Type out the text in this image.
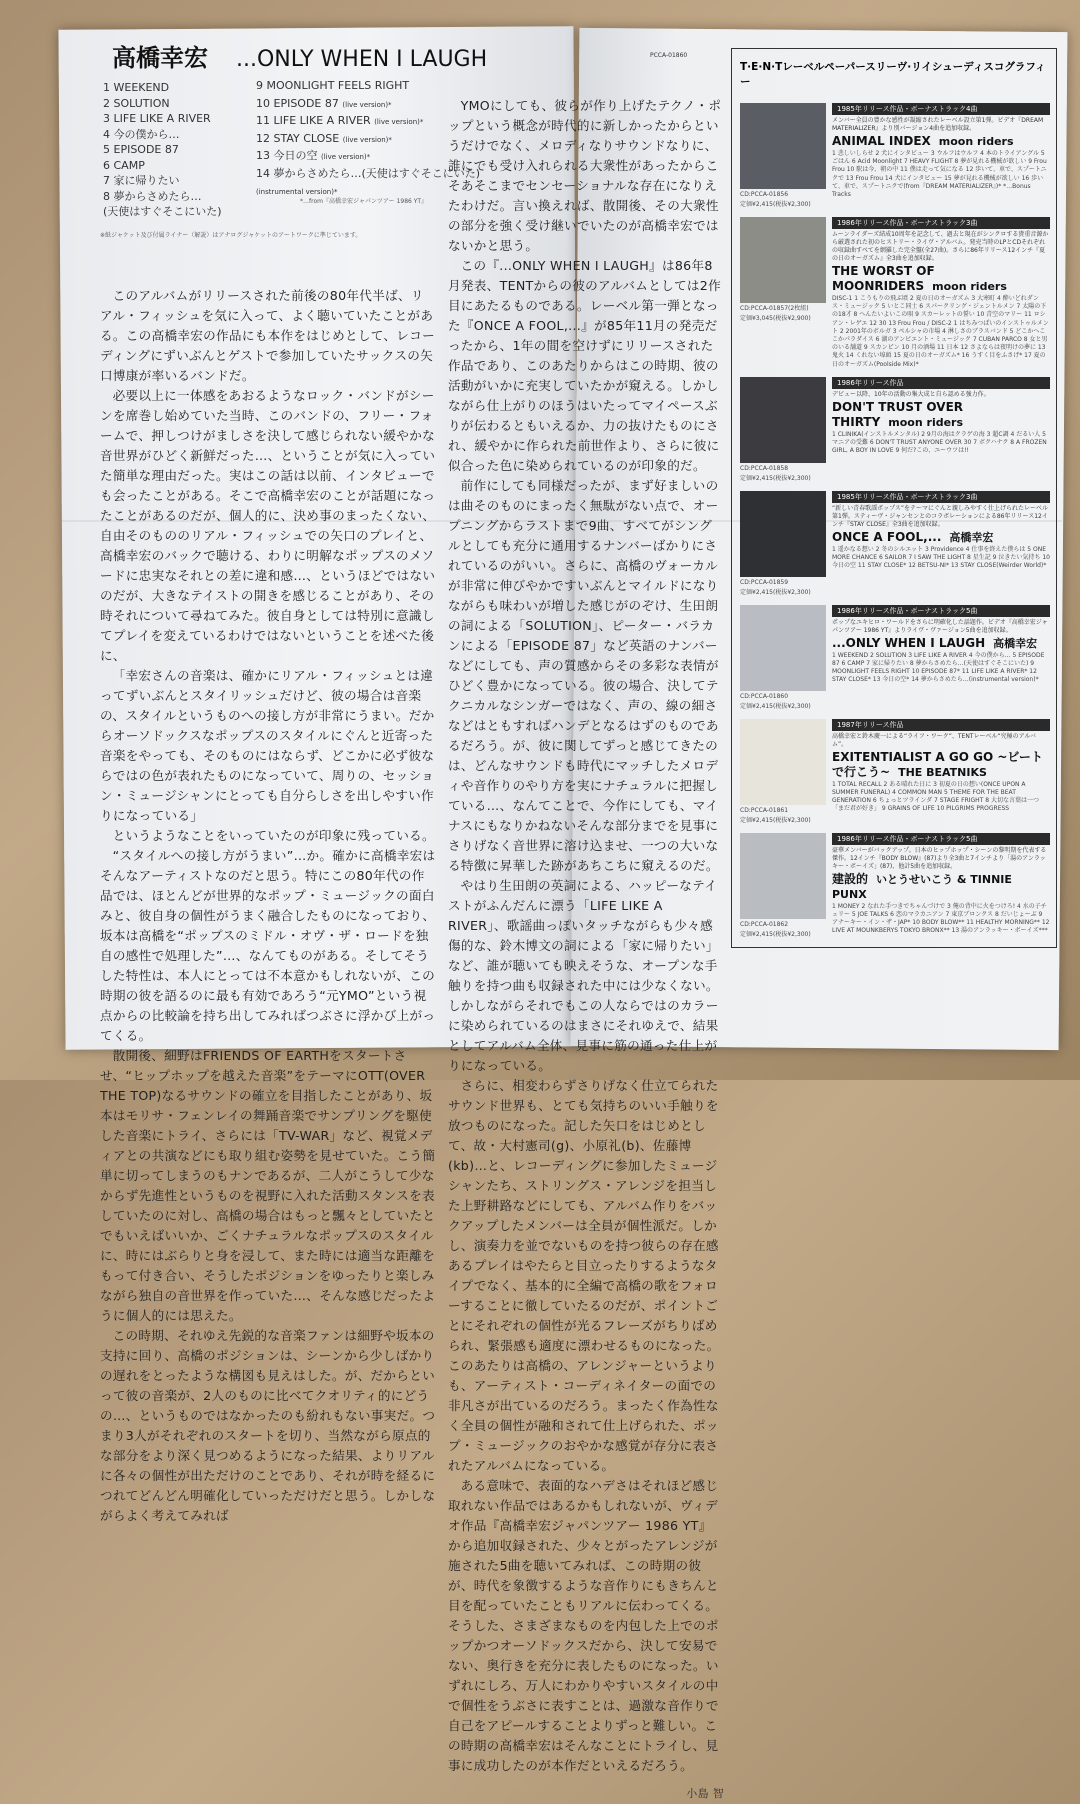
高橋幸宏 ...ONLY WHEN I LAUGH	PCCA-01860
1 WEEKEND
2 SOLUTION
3 LIFE LIKE A RIVER
4 今の僕から…
5 EPISODE 87
6 CAMP
7 家に帰りたい
8 夢からさめたら…
(天使はすぐそこにいた)
9 MOONLIGHT FEELS RIGHT
10 EPISODE 87 (live version)*
11 LIFE LIKE A RIVER (live version)*
12 STAY CLOSE (live version)*
13 今日の空 (live version)*
14 夢からさめたら…(天使はすぐそこにいた)
(instrumental version)*
*…from『高橋幸宏ジャパンツアー 1986 YT』
※紙ジャケット及び付属ライナー（解説）はアナログジャケットのアートワークに準じています。

このアルバムがリリースされた前後の80年代半ば、リアル・フィッシュを気に入って、よく聴いていたことがある。この高橋幸宏の作品にも本作をはじめとして、レコーディングにずいぶんとゲストで参加していたサックスの矢口博康が率いるバンドだ。

必要以上に一体感をあおるようなロック・バンドがシーンを席巻し始めていた当時、このバンドの、フリー・フォームで、押しつけがましさを決して感じられない緩やかな音世界がひどく新鮮だった…、ということが気に入っていた簡単な理由だった。実はこの話は以前、インタビューでも会ったことがある。そこで高橋幸宏のことが話題になったことがあるのだが、個人的に、決め事のまったくない、自由そのもののリアル・フィッシュでの矢口のプレイと、高橋幸宏のバックで聴ける、わりに明解なポップスのメソードに忠実なそれとの差に違和感…、というほどではないのだが、大きなテイストの開きを感じることがあり、その時それについて尋ねてみた。彼自身としては特別に意識してプレイを変えているわけではないということを述べた後に、

「幸宏さんの音楽は、確かにリアル・フィッシュとは違ってずいぶんとスタイリッシュだけど、彼の場合は音楽の、スタイルというものへの接し方が非常にうまい。だからオーソドックスなポップスのスタイルにぐんと近寄った音楽をやっても、そのものにはならず、どこかに必ず彼ならではの色が表れたものになっていて、周りの、セッション・ミュージシャンにとっても自分らしさを出しやすい作りになっている」

というようなことをいっていたのが印象に残っている。

“スタイルへの接し方がうまい”…か。確かに高橋幸宏はそんなアーティストなのだと思う。特にこの80年代の作品では、ほとんどが世界的なポップ・ミュージックの面白みと、彼自身の個性がうまく融合したものになっており、坂本は高橋を“ポップスのミドル・オヴ・ザ・ロードを独自の感性で処理した”…、なんてものがある。そしてそうした特性は、本人にとっては不本意かもしれないが、この時期の彼を語るのに最も有効であろう“元YMO”という視点からの比較論を持ち出してみればつぶさに浮かび上がってくる。

散開後、細野はFRIENDS OF EARTHをスタートさせ、“ヒップホップを越えた音楽”をテーマにOTT(OVER THE TOP)なるサウンドの確立を目指したことがあり、坂本はモリサ・フェンレイの舞踊音楽でサンプリングを駆使した音楽にトライ、さらには「TV-WAR」など、視覚メディアとの共演などにも取り組む姿勢を見せていた。こう簡単に切ってしまうのもナンであるが、二人がこうして少なからず先進性というものを視野に入れた活動スタンスを表していたのに対し、高橋の場合はもっと飄々としていたとでもいえばいいか、ごくナチュラルなポップスのスタイルに、時にはぶらりと身を浸して、また時には適当な距離をもって付き合い、そうしたポジションをゆったりと楽しみながら独自の音世界を作っていた…、そんな感じだったように個人的には思えた。

この時期、それゆえ先鋭的な音楽ファンは細野や坂本の支持に回り、高橋のポジションは、シーンから少しばかりの遅れをとったような構図も見えはした。が、だからといって彼の音楽が、2人のものに比べてクオリティ的にどうの…、というものではなかったのも紛れもない事実だ。つまり3人がそれぞれのスタートを切り、当然ながら原点的な部分をより深く見つめるようになった結果、よりリアルに各々の個性が出ただけのことであり、それが時を経るにつれてどんどん明確化していっただけだと思う。しかしながらよく考えてみれば

YMOにしても、彼らが作り上げたテクノ・ポップという概念が時代的に新しかったからというだけでなく、メロディなりサウンドなりに、誰にでも受け入れられる大衆性があったからこそあそこまでセンセーショナルな存在になりえたわけだ。言い換えれば、散開後、その大衆性の部分を強く受け継いでいたのが高橋幸宏ではないかと思う。

この『...ONLY WHEN I LAUGH』は86年8月発表、TENTからの彼のアルバムとしては2作目にあたるものである。レーベル第一弾となった『ONCE A FOOL,...』が85年11月の発売だったから、1年の間を空けずにリリースされた作品であり、このあたりからはこの時期、彼の活動がいかに充実していたかが窺える。しかしながら仕上がりのほうはいたってマイペースぶりが伝わるともいえるか、力の抜けたものにされ、緩やかに作られた前世作より、さらに彼に似合った色に染められているのが印象的だ。

前作にしても同様だったが、まず好ましいのは曲そのものにまったく無駄がない点で、オープニングからラストまで9曲、すべてがシングルとしても充分に通用するナンバーばかりにされているのがいい。さらに、高橋のヴォーカルが非常に伸びやかですいぶんとマイルドになりながらも味わいが増した感じがのぞけ、生田朗の詞による「SOLUTION」、ピーター・バラカンによる「EPISODE 87」など英語のナンバーなどにしても、声の質感からその多彩な表情がひどく豊かになっている。彼の場合、決してテクニカルなシンガーではなく、声の、線の細さなどはともすればハンデとなるはずのものであるだろう。が、彼に関してずっと感じてきたのは、どんなサウンドも時代にマッチしたメロディや音作りのやり方を実にナチュラルに把握している…、なんてことで、今作にしても、マイナスにもなりかねないそんな部分までを見事にさりげなく音世界に溶け込ませ、一つの大いなる特徴に昇華した跡があちこちに窺えるのだ。

やはり生田朗の英詞による、ハッピーなテイストがふんだんに漂う「LIFE LIKE A RIVER」、歌謡曲っぽいタッチながらも少々感傷的な、鈴木博文の詞による「家に帰りたい」など、誰が聴いても映えそうな、オープンな手触りを持つ曲も収録された中には少なくない。しかしながらそれでもこの人ならではのカラーに染められているのはまさにそれゆえで、結果としてアルバム全体、見事に筋の通った仕上がりになっている。

さらに、相変わらずさりげなく仕立てられたサウンド世界も、とても気持ちのいい手触りを放つものになった。記した矢口をはじめとして、故・大村憲司(g)、小原礼(b)、佐藤博(kb)…と、レコーディングに参加したミュージシャンたち、ストリングス・アレンジを担当した上野耕路などにしても、アルバム作りをバックアップしたメンバーは全員が個性派だ。しかし、演奏力を並でないものを持つ彼らの存在感あるプレイはやたらと目立ったりするようなタイプでなく、基本的に全編で高橋の歌をフォローすることに徹していたるのだが、ポイントごとにそれぞれの個性が光るフレーズがちりばめられ、緊張感も適度に漂わせるものになった。このあたりは高橋の、アレンジャーというよりも、アーティスト・コーディネイターの面での非凡さが出ているのだろう。まったく作為性なく全員の個性が融和されて仕上げられた、ポップ・ミュージックのおやかな感覚が存分に表されたアルバムになっている。

ある意味で、表面的なハデさはそれほど感じ取れない作品ではあるかもしれないが、ヴィデオ作品『高橋幸宏ジャパンツアー 1986 YT』から追加収録された、少々とがったアレンジが施された5曲を聴いてみれば、この時期の彼が、時代を象徴するような音作りにもきちんと目を配っていたこともリアルに伝わってくる。そうした、さまざまなものを内包した上でのポップかつオーソドックスだから、決して安易でない、奥行きを充分に表したものになった。いずれにしろ、万人にわかりやすいスタイルの中で個性をうぶさに表すことは、過激な音作りで自己をアピールすることよりずっと難しい。この時期の高橋幸宏はそんなことにトライし、見事に成功したのが本作だといえるだろう。

小島 智
T·E·N·Tレーベルペーパースリーヴ·リイシューディスコグラフィー
CD:PCCA-01856
定価¥2,415(税抜¥2,300)
1985年リリース作品・ボーナストラック4曲
メンバー全員の豊かな感性が凝縮されたレーベル設立第1弾。ビデオ『DREAM MATERIALIZER』より別バージョン4曲を追加収録。
ANIMAL INDEX moon riders
1 悲しいしらせ 2 犬にインタビュー 3 ウルフはウルフ 4 本のトライアングル 5 ごはん 6 Acid Moonlight 7 HEAVY FLIGHT 8 夢が見れる機械が欲しい 9 Frou Frou 10 駅は今、朝の中 11 僕は走って気になる 12 歩いて、車で、スプートニクで 13 Frou Frou 14 犬にインタビュー 15 夢が見れる機械が欲しい 16 歩いて、車で、スプートニクで(from『DREAM MATERIALIZER』)* *…Bonus Tracks
CD:PCCA-01857(2枚組)
定価¥3,045(税抜¥2,900)
1986年リリース作品・ボーナストラック3曲
ムーンライダーズ結成10周年を記念して、過去と現在がシンクロする貴重音源から厳選された初のヒストリー・ライヴ・アルバム。発売当時のLPとCDそれぞれの収録曲すべてを網羅した完全盤(全27曲)。さらに86年リリース12インチ『夏の日のオーガズム』全3曲を追加収録。
THE WORST OF MOONRIDERS moon riders
DISC-1 1 こうもりの飛ぶ頃 2 夏の日のオーガズム 3 大寒町 4 酔いどれダンス・ミュージック 5 いとこ同士 6 スパークリング・ジェントルメン 7 太陽の下の18才 8 へんたいよいこの唄 9 スカーレットの誓い 10 青空のマリー 11 ロシアン・レゲエ 12 30 13 Frou Frou / DISC-2 1 はちみつぱいのインストゥルメント 2 2001年のボルガ 3 ペルシャの市場 4 淋しさのブラスバンド 5 どこかへここかパラダイス 6 湖のアンビエント・ミュージック 7 CUBAN PARCO 8 女と男のいる舗道 9 スカンピン 10 月の酒場 11 日本 12 さよならは夜明けの夢に 13 鬼火 14 くれない埠頭 15 夏の日のオーガズム* 16 うすく目をふさげ* 17 夏の日のオーガズム(Poolside Mix)*
CD:PCCA-01858
定価¥2,415(税抜¥2,300)
1986年リリース作品
デビュー以降、10年の活動の集大成と自ら認める強力作。
DON'T TRUST OVER THIRTY moon riders
1 CLINIKA(インストルメンタル) 2 9月の海はクラゲの海 3 超C調 4 だるい人 5 マニアの受難 6 DON'T TRUST ANYONE OVER 30 7 ボクハナク 8 A FROZEN GIRL, A BOY IN LOVE 9 何だ?この、ユーウツは!!
CD:PCCA-01859
定価¥2,415(税抜¥2,300)
1985年リリース作品・ボーナストラック3曲
“新しい青春歌謡ポップス”をテーマにぐんと親しみやすく仕上げられたレーベル第1弾。スティーヴ・ジャンセンとのコラボレーションによる86年リリース12インチ『STAY CLOSE』全3曲を追加収録。
ONCE A FOOL,... 高橋幸宏
1 遥かなる想い 2 冬のシルエット 3 Providence 4 仕事を終えた僕らは 5 ONE MORE CHANCE 6 SAILOR 7 I SAW THE LIGHT 8 星生記 9 泣きたい気持ち 10 今日の空 11 STAY CLOSE* 12 BETSU-NI* 13 STAY CLOSE(Weirder World)*
CD:PCCA-01860
定価¥2,415(税抜¥2,300)
1986年リリース作品・ボーナストラック5曲
ポップなユキヒロ・ワールドをさらに明確化した話題作。ビデオ『高橋幸宏ジャパンツアー 1986 YT』よりライヴ・ヴァージョン5曲を追加収録。
...ONLY WHEN I LAUGH 高橋幸宏
1 WEEKEND 2 SOLUTION 3 LIFE LIKE A RIVER 4 今の僕から… 5 EPISODE 87 6 CAMP 7 家に帰りたい 8 夢からさめたら…(天使はすぐそこにいた) 9 MOONLIGHT FEELS RIGHT 10 EPISODE 87* 11 LIFE LIKE A RIVER* 12 STAY CLOSE* 13 今日の空* 14 夢からさめたら…(instrumental version)*
CD:PCCA-01861
定価¥2,415(税抜¥2,300)
1987年リリース作品
高橋幸宏と鈴木慶一による“ライフ・ワーク”、TENTレーベル“究極のアルバム”。
EXITENTIALIST A GO GO ~ビートで行こう~ THE BEATNIKS
1 TOTAL RECALL 2 ある晴れた日に 3 初夏の日の想い(ONCE UPON A SUMMER FUNERAL) 4 COMMON MAN 5 THEME FOR THE BEAT GENERATION 6 ちょっとツラインダ 7 STAGE FRIGHT 8 大切な言葉は一つ「まだ君が好き」 9 GRAINS OF LIFE 10 PILGRIMS PROGRESS
CD:PCCA-01862
定価¥2,415(税抜¥2,300)
1986年リリース作品・ボーナストラック5曲
豪華メンバーがバックアップ。日本のヒップホップ・シーンの黎明期を代表する傑作。12インチ『BODY BLOW』(87)より全3曲と7インチより「湯のアンラッキー・ボーイズ」(87)、他計5曲を追加収録。
建設的 いとうせいこう & TINNIE PUNX
1 MONEY 2 なれた手つきでちゃんづけで 3 俺の背中に火をつけろ! 4 水の子チェリー 5 JOE TALKS 6 恋のマラカニアン 7 東京ブロンクス 8 だいじょーぶ 9 アナーキー・イン・ザ・JAP* 10 BODY BLOW** 11 HEALTHY MORNING** 12 LIVE AT MOUNKBERYS TOKYO BRONX** 13 湯のアンラッキー・ボーイズ***
